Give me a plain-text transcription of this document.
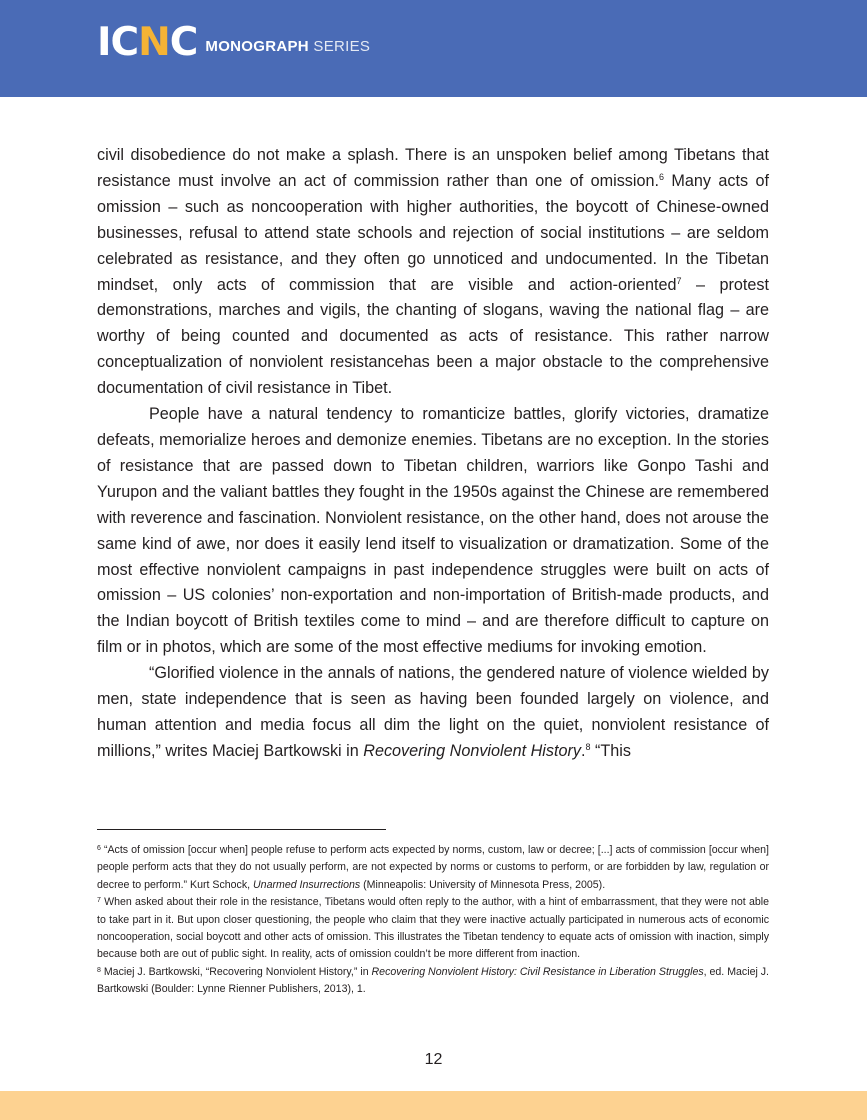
ICNC MONOGRAPH SERIES

civil disobedience do not make a splash. There is an unspoken belief among Tibetans that resistance must involve an act of commission rather than one of omission.$^6$ Many acts of omission – such as noncooperation with higher authorities, the boycott of Chinese-owned businesses, refusal to attend state schools and rejection of social institutions – are seldom celebrated as resistance, and they often go unnoticed and undocumented. In the Tibetan mindset, only acts of commission that are visible and action-oriented$^7$ – protest demonstrations, marches and vigils, the chanting of slogans, waving the national flag – are worthy of being counted and documented as acts of resistance. This rather narrow conceptualization of nonviolent resistancehas been a major obstacle to the comprehensive documentation of civil resistance in Tibet.

People have a natural tendency to romanticize battles, glorify victories, dramatize defeats, memorialize heroes and demonize enemies. Tibetans are no exception. In the stories of resistance that are passed down to Tibetan children, warriors like Gonpo Tashi and Yurupon and the valiant battles they fought in the 1950s against the Chinese are remembered with reverence and fascination. Nonviolent resistance, on the other hand, does not arouse the same kind of awe, nor does it easily lend itself to visualization or dramatization. Some of the most effective nonviolent campaigns in past independence struggles were built on acts of omission – US colonies’ non-exportation and non-importation of British-made products, and the Indian boycott of British textiles come to mind – and are therefore difficult to capture on film or in photos, which are some of the most effective mediums for invoking emotion.

“Glorified violence in the annals of nations, the gendered nature of violence wielded by men, state independence that is seen as having been founded largely on violence, and human attention and media focus all dim the light on the quiet, nonviolent resistance of millions,” writes Maciej Bartkowski in Recovering Nonviolent History.$^8$ “This

$^6$ “Acts of omission [occur when] people refuse to perform acts expected by norms, custom, law or decree; [...] acts of commission [occur when] people perform acts that they do not usually perform, are not expected by norms or customs to perform, or are forbidden by law, regulation or decree to perform.” Kurt Schock, Unarmed Insurrections (Minneapolis: University of Minnesota Press, 2005).

$^7$ When asked about their role in the resistance, Tibetans would often reply to the author, with a hint of embarrassment, that they were not able to take part in it. But upon closer questioning, the people who claim that they were inactive actually participated in numerous acts of economic noncooperation, social boycott and other acts of omission. This illustrates the Tibetan tendency to equate acts of omission with inaction, simply because both are out of public sight. In reality, acts of omission couldn’t be more different from inaction.

$^8$ Maciej J. Bartkowski, “Recovering Nonviolent History,” in Recovering Nonviolent History: Civil Resistance in Liberation Struggles, ed. Maciej J. Bartkowski (Boulder: Lynne Rienner Publishers, 2013), 1.

12
